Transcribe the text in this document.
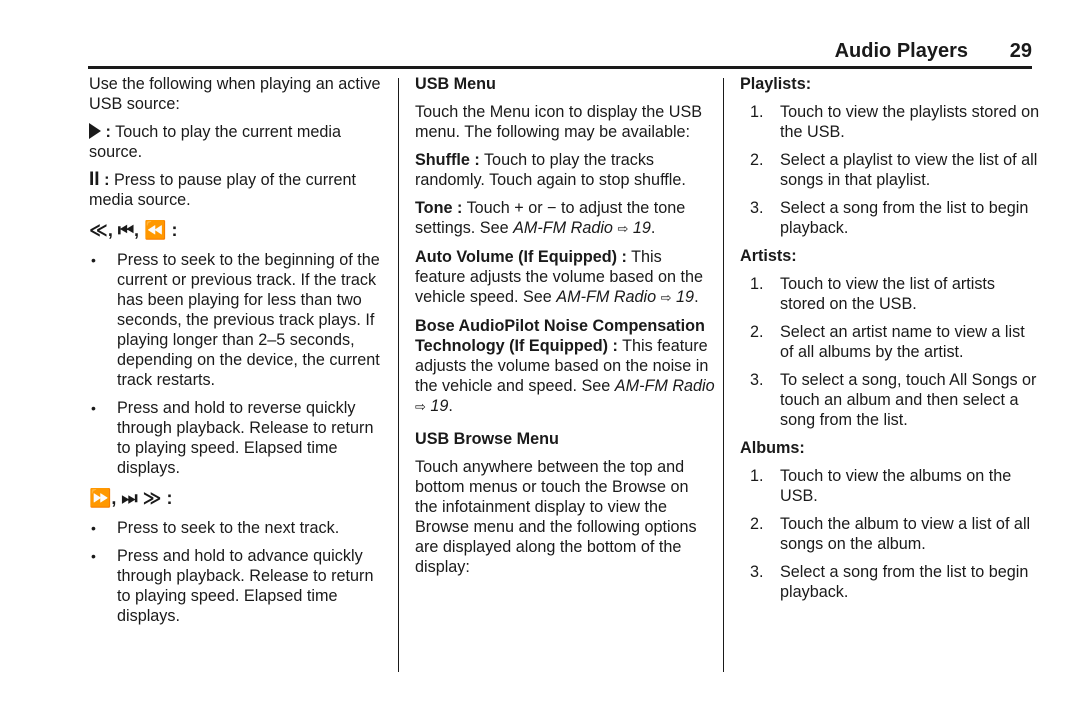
Audio Players 29

Use the following when playing an active USB source:

: Touch to play the current media source.

II : Press to pause play of the current media source.

≪, ⏮, ⏪ :
• Press to seek to the beginning of the current or previous track. If the track has been playing for less than two seconds, the previous track plays. If playing longer than 2–5 seconds, depending on the device, the current track restarts.
• Press and hold to reverse quickly through playback. Release to return to playing speed. Elapsed time displays.
⏩, ⏭ ≫ :
• Press to seek to the next track.
• Press and hold to advance quickly through playback. Release to return to playing speed. Elapsed time displays.
USB Menu

Touch the Menu icon to display the USB menu. The following may be available:

Shuffle : Touch to play the tracks randomly. Touch again to stop shuffle.

Tone : Touch + or − to adjust the tone settings. See AM-FM Radio ⇨ 19.

Auto Volume (If Equipped) : This feature adjusts the volume based on the vehicle speed. See AM-FM Radio ⇨ 19.

Bose AudioPilot Noise Compensation Technology (If Equipped) : This feature adjusts the volume based on the noise in the vehicle and speed. See AM-FM Radio ⇨ 19.

USB Browse Menu

Touch anywhere between the top and bottom menus or touch the Browse on the infotainment display to view the Browse menu and the following options are displayed along the bottom of the display:

Playlists:
1. Touch to view the playlists stored on the USB.
2. Select a playlist to view the list of all songs in that playlist.
3. Select a song from the list to begin playback.
Artists:
1. Touch to view the list of artists stored on the USB.
2. Select an artist name to view a list of all albums by the artist.
3. To select a song, touch All Songs or touch an album and then select a song from the list.
Albums:
1. Touch to view the albums on the USB.
2. Touch the album to view a list of all songs on the album.
3. Select a song from the list to begin playback.
